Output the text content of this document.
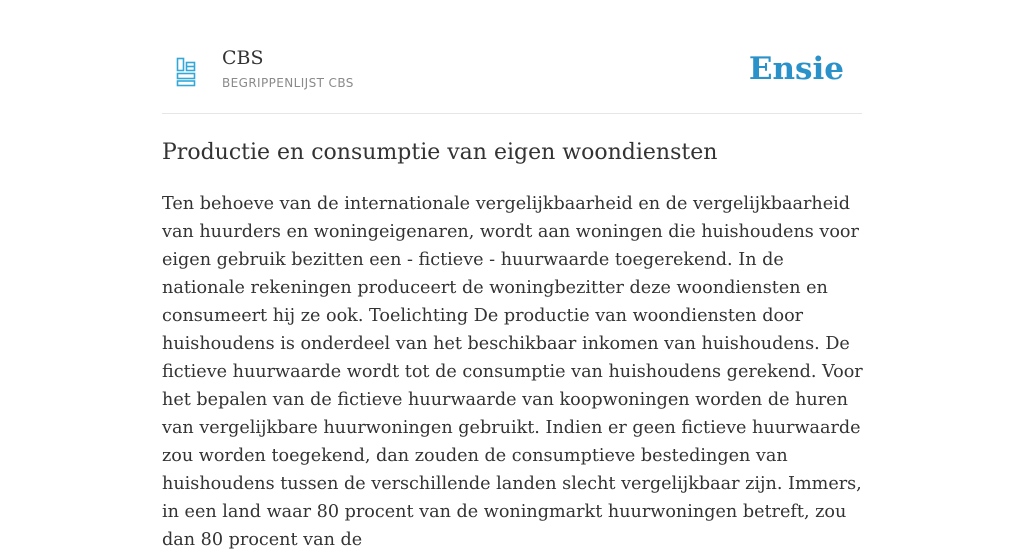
CBS
BEGRIPPENLIJST CBS	Ensie
Productie en consumptie van eigen woondiensten

Ten behoeve van de internationale vergelijkbaarheid en de vergelijkbaarheid van huurders en woningeigenaren, wordt aan woningen die huishoudens voor eigen gebruik bezitten een - fictieve - huurwaarde toegerekend. In de nationale rekeningen produceert de woningbezitter deze woondiensten en consumeert hij ze ook. Toelichting De productie van woondiensten door huishoudens is onderdeel van het beschikbaar inkomen van huishoudens. De fictieve huurwaarde wordt tot de consumptie van huishoudens gerekend. Voor het bepalen van de fictieve huurwaarde van koopwoningen worden de huren van vergelijkbare huurwoningen gebruikt. Indien er geen fictieve huurwaarde zou worden toegekend, dan zouden de consumptieve bestedingen van huishoudens tussen de verschillende landen slecht vergelijkbaar zijn. Immers, in een land waar 80 procent van de woningmarkt huurwoningen betreft, zou dan 80 procent van de
